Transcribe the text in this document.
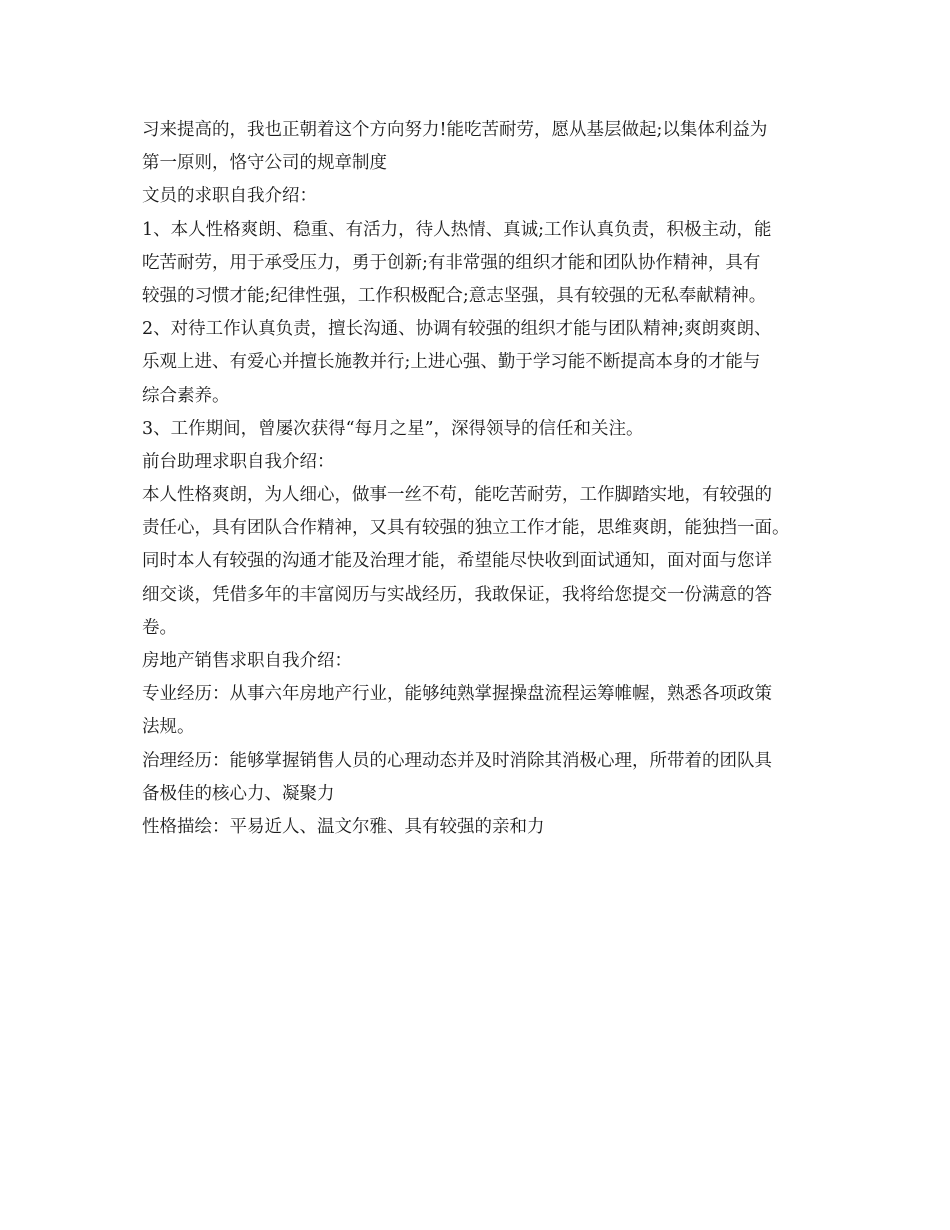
习来提高的，我也正朝着这个方向努力!能吃苦耐劳，愿从基层做起;以集体利益为
第一原则，恪守公司的规章制度
文员的求职自我介绍：
1、本人性格爽朗、稳重、有活力，待人热情、真诚;工作认真负责，积极主动，能
吃苦耐劳，用于承受压力，勇于创新;有非常强的组织才能和团队协作精神，具有
较强的习惯才能;纪律性强，工作积极配合;意志坚强，具有较强的无私奉献精神。
2、对待工作认真负责，擅长沟通、协调有较强的组织才能与团队精神;爽朗爽朗、
乐观上进、有爱心并擅长施教并行;上进心强、勤于学习能不断提高本身的才能与
综合素养。
3、工作期间，曾屡次获得“每月之星”，深得领导的信任和关注。
前台助理求职自我介绍：
本人性格爽朗，为人细心，做事一丝不苟，能吃苦耐劳，工作脚踏实地，有较强的
责任心，具有团队合作精神，又具有较强的独立工作才能，思维爽朗，能独挡一面。
同时本人有较强的沟通才能及治理才能，希望能尽快收到面试通知，面对面与您详
细交谈，凭借多年的丰富阅历与实战经历，我敢保证，我将给您提交一份满意的答
卷。
房地产销售求职自我介绍：
专业经历：从事六年房地产行业，能够纯熟掌握操盘流程运筹帷幄，熟悉各项政策
法规。
治理经历：能够掌握销售人员的心理动态并及时消除其消极心理，所带着的团队具
备极佳的核心力、凝聚力
性格描绘：平易近人、温文尔雅、具有较强的亲和力
